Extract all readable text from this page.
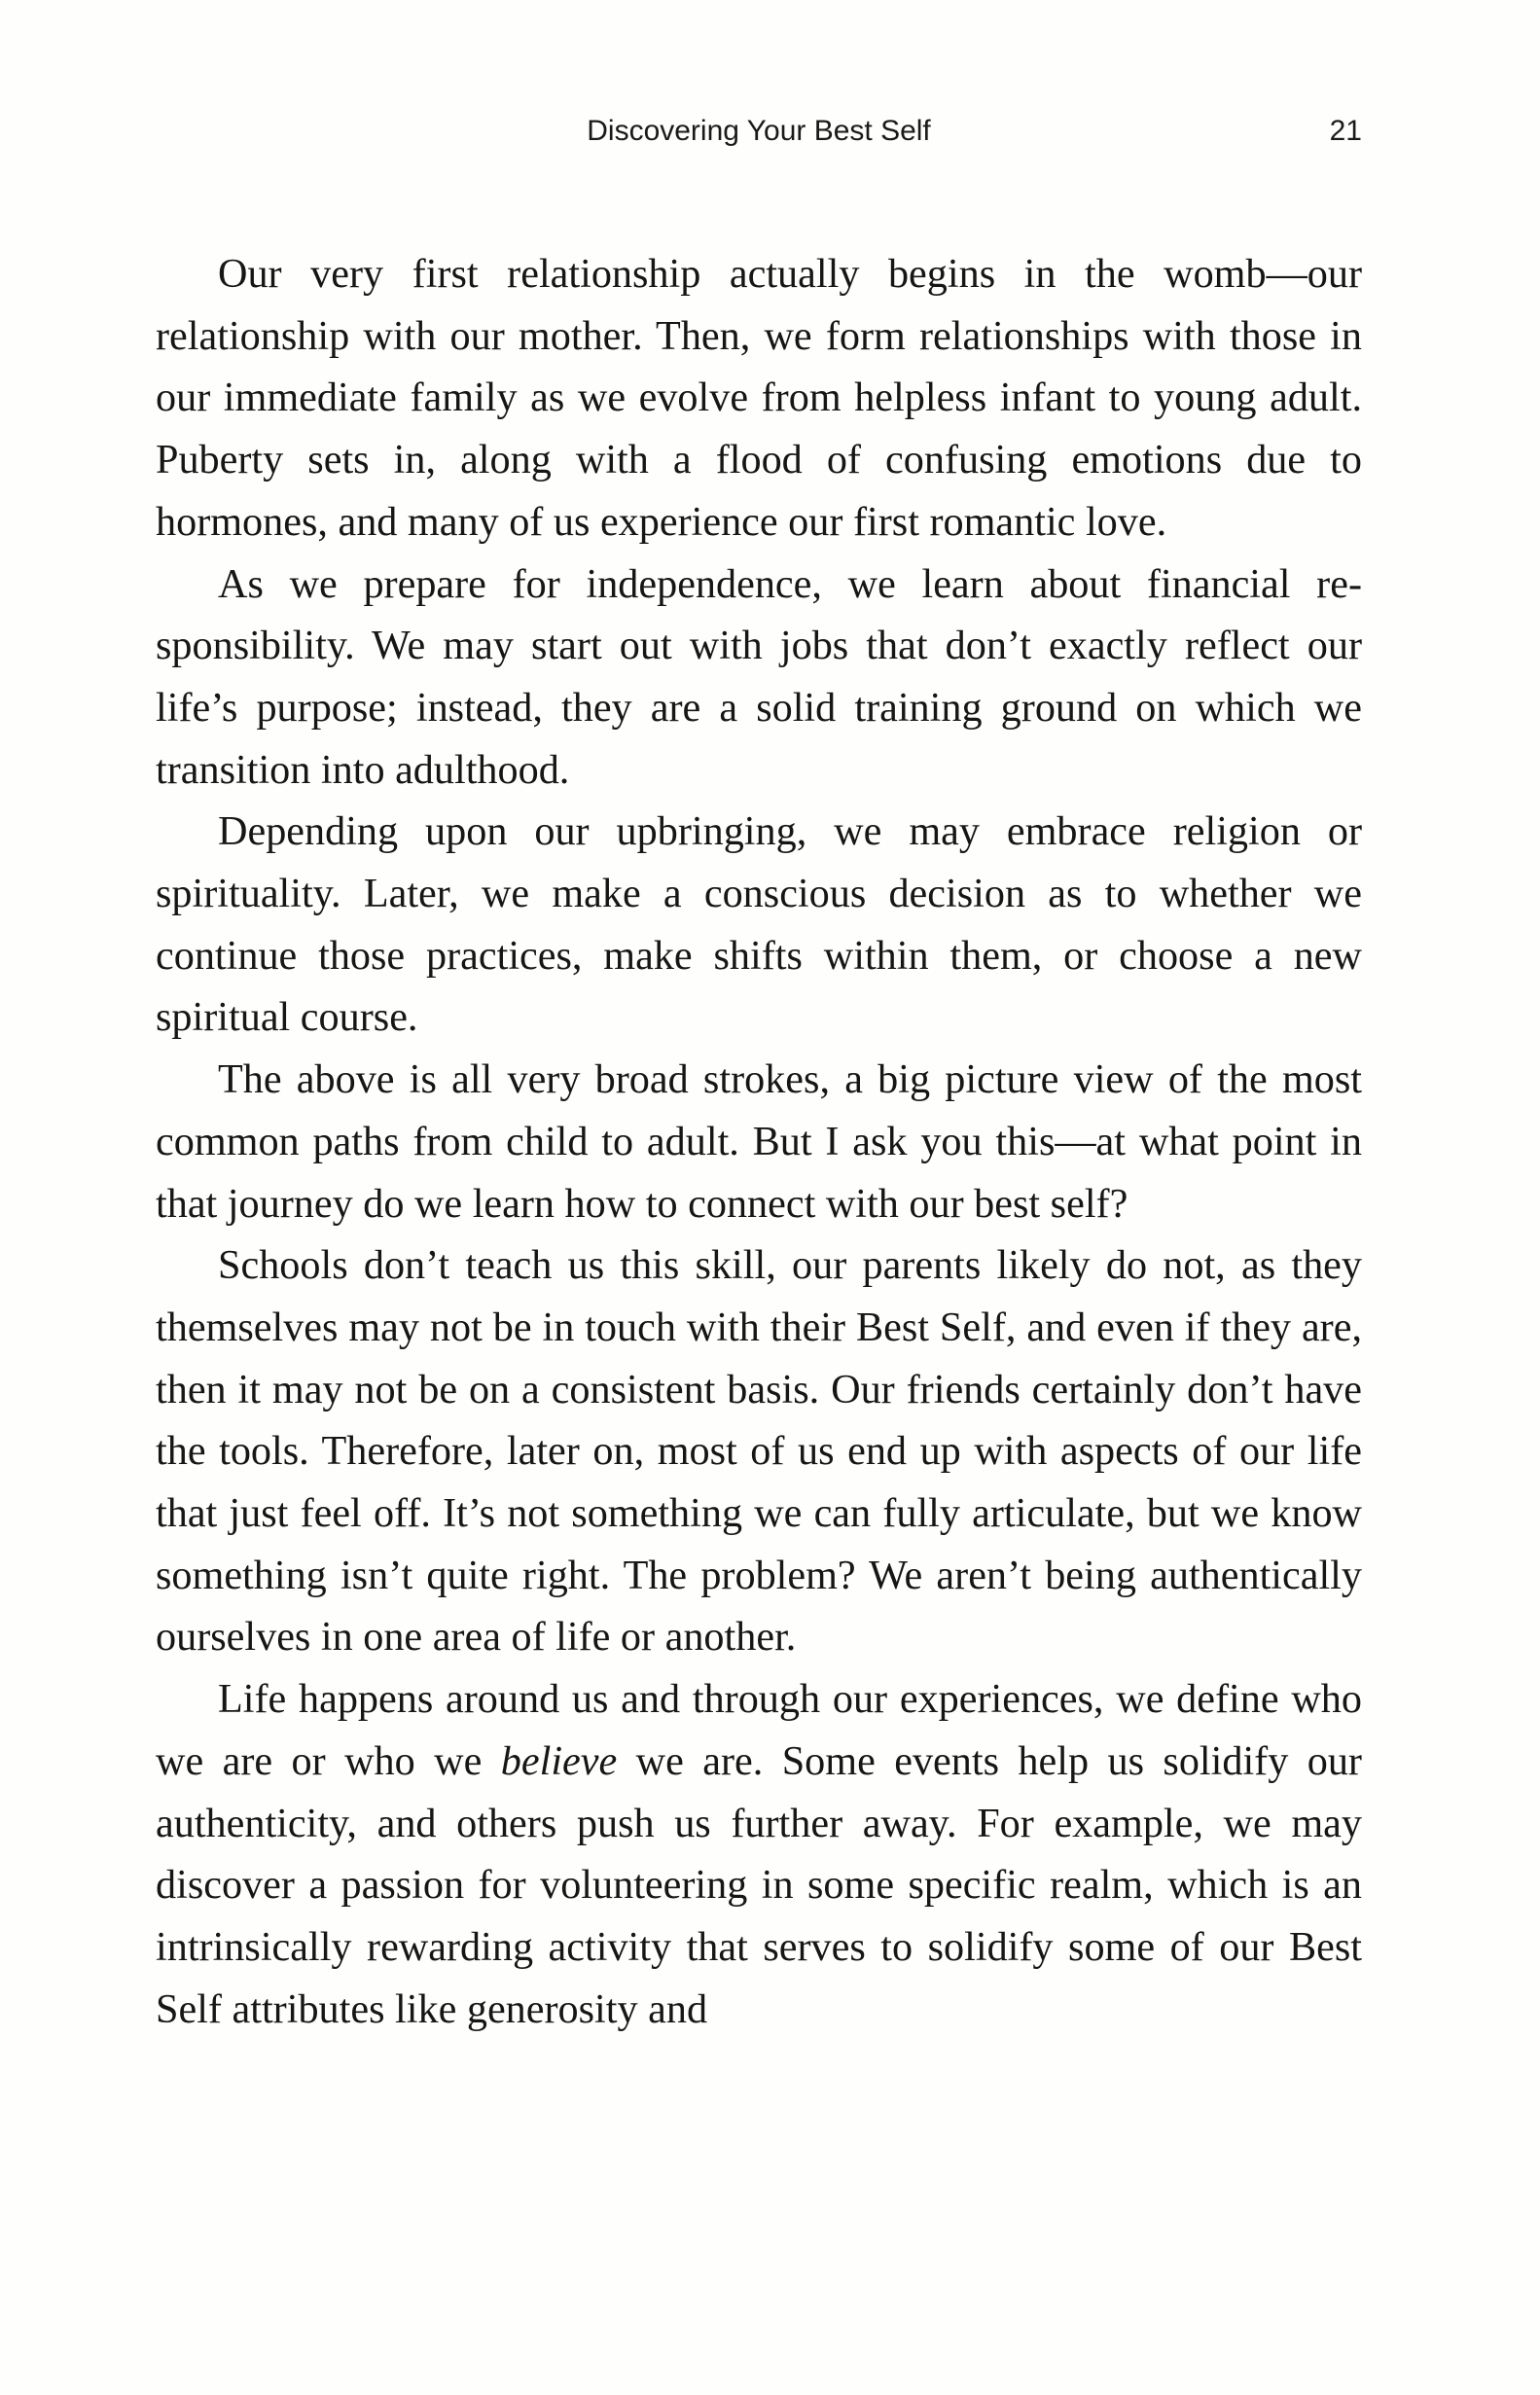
Discovering Your Best Self	21

Our very first relationship actually begins in the womb—our relationship with our mother. Then, we form relationships with those in our immediate family as we evolve from helpless infant to young adult. Puberty sets in, along with a flood of confusing emotions due to hormones, and many of us experience our first romantic love.

As we prepare for independence, we learn about financial responsibility. We may start out with jobs that don’t exactly reflect our life’s purpose; instead, they are a solid training ground on which we transition into adulthood.

Depending upon our upbringing, we may embrace religion or spirituality. Later, we make a conscious decision as to whether we continue those practices, make shifts within them, or choose a new spiritual course.

The above is all very broad strokes, a big picture view of the most common paths from child to adult. But I ask you this—at what point in that journey do we learn how to connect with our best self?

Schools don’t teach us this skill, our parents likely do not, as they themselves may not be in touch with their Best Self, and even if they are, then it may not be on a consistent basis. Our friends certainly don’t have the tools. Therefore, later on, most of us end up with aspects of our life that just feel off. It’s not something we can fully articulate, but we know something isn’t quite right. The problem? We aren’t being authentically ourselves in one area of life or another.

Life happens around us and through our experiences, we define who we are or who we believe we are. Some events help us solidify our authenticity, and others push us further away. For example, we may discover a passion for volunteering in some specific realm, which is an intrinsically rewarding activity that serves to solidify some of our Best Self attributes like generosity and
